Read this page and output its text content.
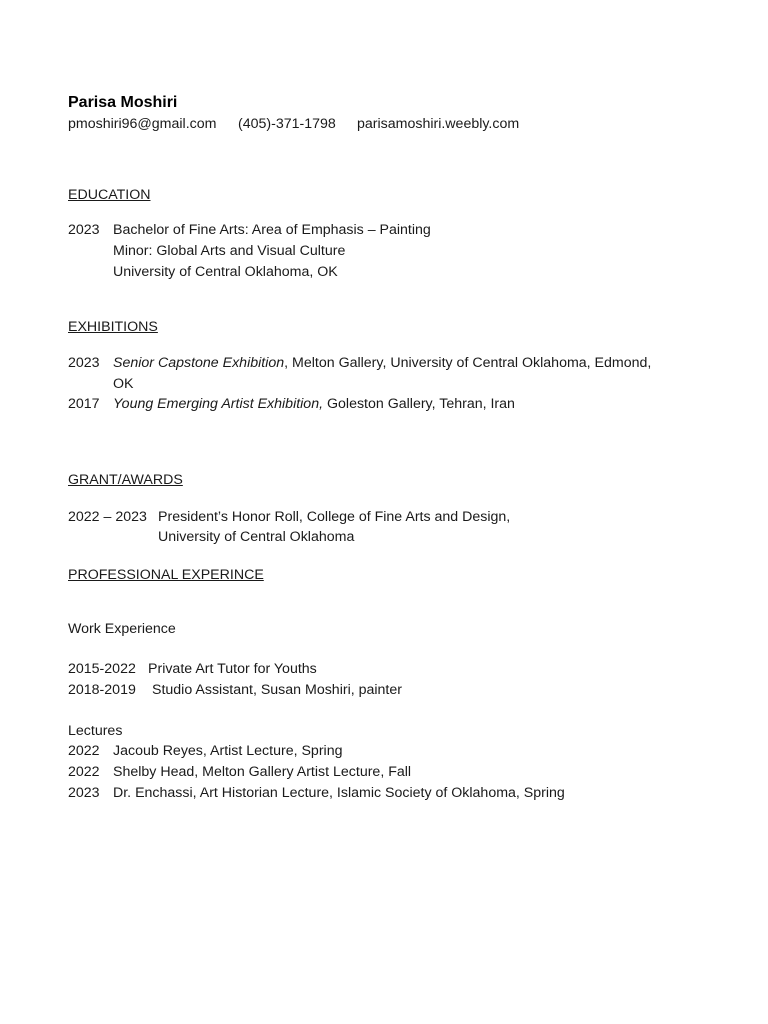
Parisa Moshiri
pmoshiri96@gmail.com (405)-371-1798 parisamoshiri.weebly.com
EDUCATION
2023 Bachelor of Fine Arts: Area of Emphasis – Painting
Minor: Global Arts and Visual Culture
University of Central Oklahoma, OK
EXHIBITIONS
2023 Senior Capstone Exhibition, Melton Gallery, University of Central Oklahoma, Edmond,
OK
2017 Young Emerging Artist Exhibition, Goleston Gallery, Tehran, Iran
GRANT/AWARDS
2022 – 2023 President’s Honor Roll, College of Fine Arts and Design,
University of Central Oklahoma
PROFESSIONAL EXPERINCE
Work Experience
2015-2022 Private Art Tutor for Youths
2018-2019 Studio Assistant, Susan Moshiri, painter
Lectures
2022 Jacoub Reyes, Artist Lecture, Spring
2022 Shelby Head, Melton Gallery Artist Lecture, Fall
2023 Dr. Enchassi, Art Historian Lecture, Islamic Society of Oklahoma, Spring
